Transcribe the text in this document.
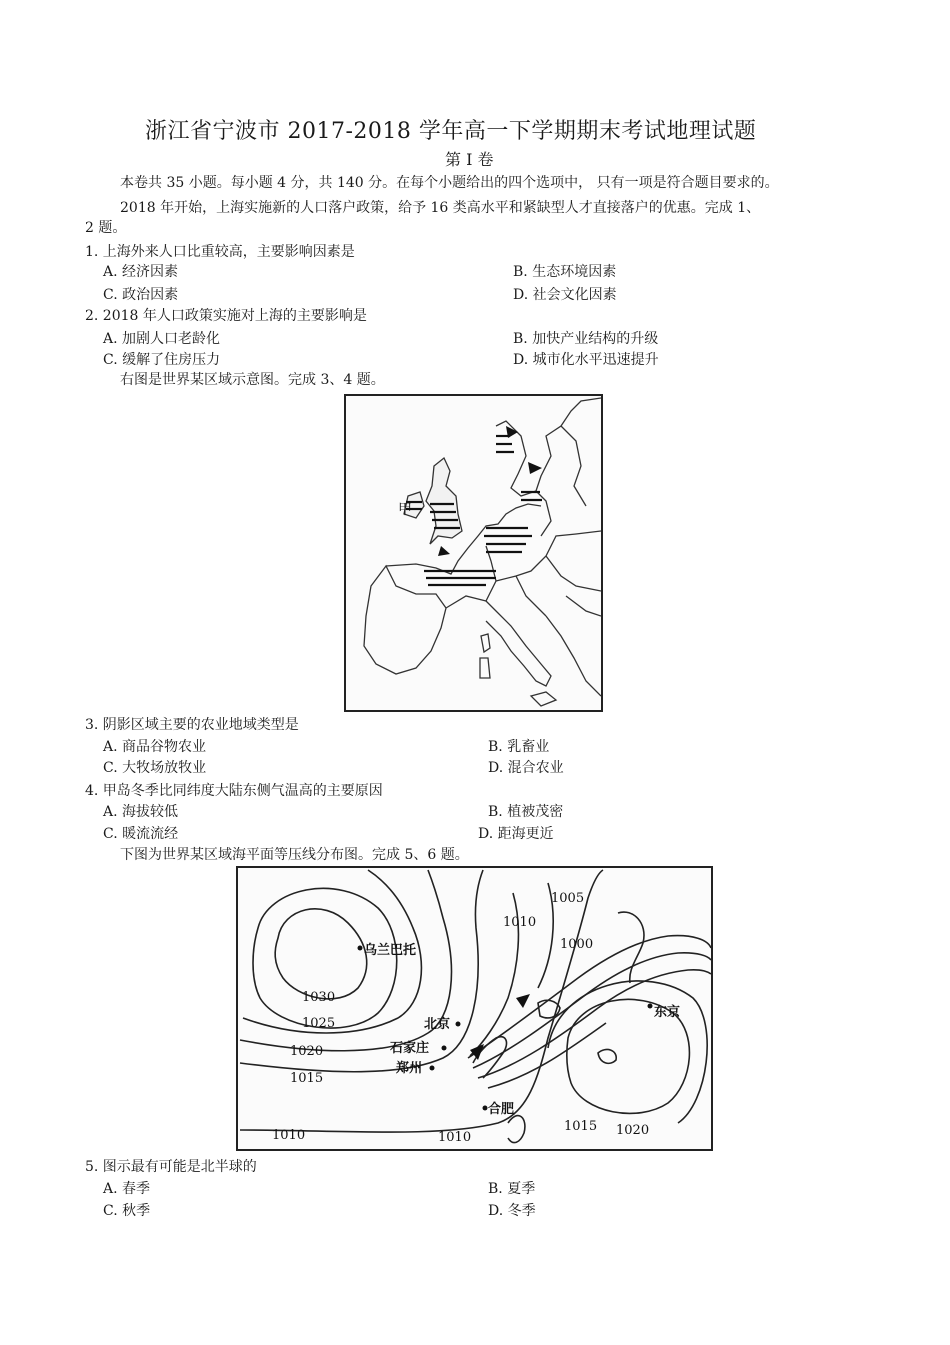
浙江省宁波市 2017-2018 学年高一下学期期末考试地理试题
第 I 卷
本卷共 35 小题。每小题 4 分，共 140 分。在每个小题给出的四个选项中， 只有一项是符合题目要求的。
2018 年开始，上海实施新的人口落户政策，给予 16 类高水平和紧缺型人才直接落户的优惠。完成 1、
2 题。
1. 上海外来人口比重较高，主要影响因素是
A. 经济因素	B. 生态环境因素
C. 政治因素	D. 社会文化因素
2. 2018 年人口政策实施对上海的主要影响是
A. 加剧人口老龄化	B. 加快产业结构的升级
C. 缓解了住房压力	D. 城市化水平迅速提升
右图是世界某区域示意图。完成 3、4 题。
甲
3. 阴影区域主要的农业地域类型是
A. 商品谷物农业	B. 乳畜业
C. 大牧场放牧业	D. 混合农业
4. 甲岛冬季比同纬度大陆东侧气温高的主要原因
A. 海拔较低	B. 植被茂密
C. 暖流流经	D. 距海更近
下图为世界某区域海平面等压线分布图。完成 5、6 题。
1005
1010
1000
1030
1025
1020
1015
1010	1010
1015 1020
乌兰巴托
北京
石家庄
郑州
合肥
东京
5. 图示最有可能是北半球的
A. 春季	B. 夏季
C. 秋季	D. 冬季
